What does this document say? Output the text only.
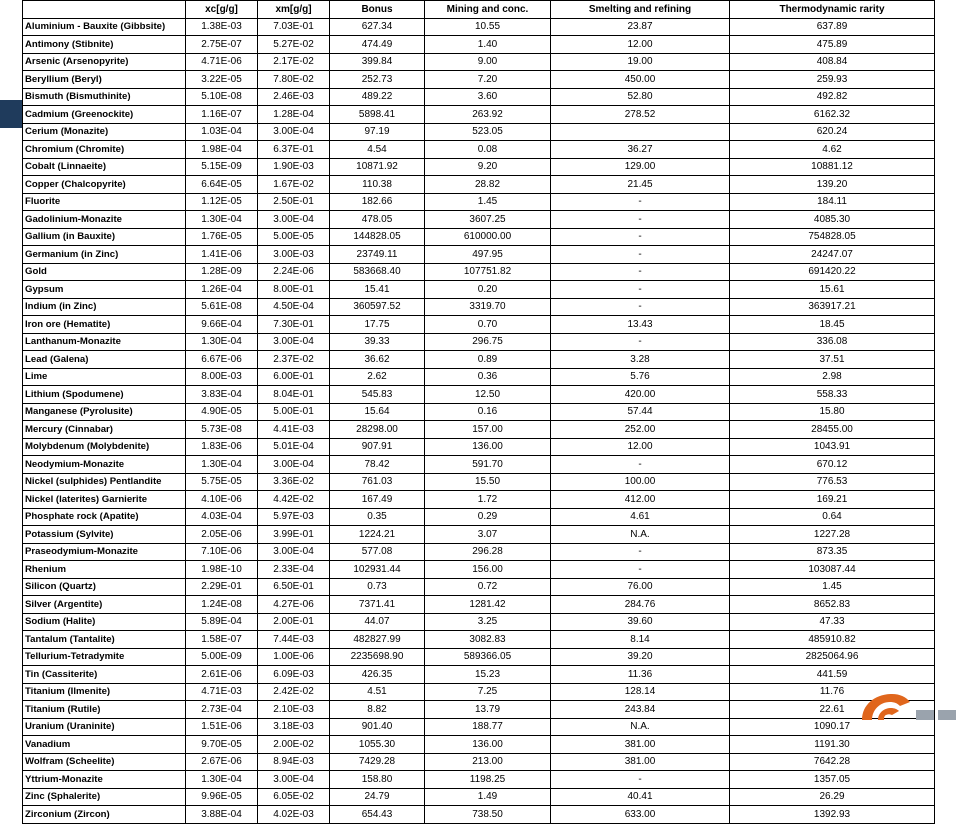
	xc[g/g]	xm[g/g]	Bonus	Mining and conc.	Smelting and refining	Thermodynamic rarity
Aluminium - Bauxite (Gibbsite)	1.38E-03	7.03E-01	627.34	10.55	23.87	637.89
Antimony (Stibnite)	2.75E-07	5.27E-02	474.49	1.40	12.00	475.89
Arsenic (Arsenopyrite)	4.71E-06	2.17E-02	399.84	9.00	19.00	408.84
Beryllium (Beryl)	3.22E-05	7.80E-02	252.73	7.20	450.00	259.93
Bismuth (Bismuthinite)	5.10E-08	2.46E-03	489.22	3.60	52.80	492.82
Cadmium (Greenockite)	1.16E-07	1.28E-04	5898.41	263.92	278.52	6162.32
Cerium (Monazite)	1.03E-04	3.00E-04	97.19	523.05		620.24
Chromium (Chromite)	1.98E-04	6.37E-01	4.54	0.08	36.27	4.62
Cobalt (Linnaeite)	5.15E-09	1.90E-03	10871.92	9.20	129.00	10881.12
Copper (Chalcopyrite)	6.64E-05	1.67E-02	110.38	28.82	21.45	139.20
Fluorite	1.12E-05	2.50E-01	182.66	1.45	-	184.11
Gadolinium-Monazite	1.30E-04	3.00E-04	478.05	3607.25	-	4085.30
Gallium (in Bauxite)	1.76E-05	5.00E-05	144828.05	610000.00	-	754828.05
Germanium (in Zinc)	1.41E-06	3.00E-03	23749.11	497.95	-	24247.07
Gold	1.28E-09	2.24E-06	583668.40	107751.82	-	691420.22
Gypsum	1.26E-04	8.00E-01	15.41	0.20	-	15.61
Indium (in Zinc)	5.61E-08	4.50E-04	360597.52	3319.70	-	363917.21
Iron ore (Hematite)	9.66E-04	7.30E-01	17.75	0.70	13.43	18.45
Lanthanum-Monazite	1.30E-04	3.00E-04	39.33	296.75	-	336.08
Lead (Galena)	6.67E-06	2.37E-02	36.62	0.89	3.28	37.51
Lime	8.00E-03	6.00E-01	2.62	0.36	5.76	2.98
Lithium (Spodumene)	3.83E-04	8.04E-01	545.83	12.50	420.00	558.33
Manganese (Pyrolusite)	4.90E-05	5.00E-01	15.64	0.16	57.44	15.80
Mercury (Cinnabar)	5.73E-08	4.41E-03	28298.00	157.00	252.00	28455.00
Molybdenum (Molybdenite)	1.83E-06	5.01E-04	907.91	136.00	12.00	1043.91
Neodymium-Monazite	1.30E-04	3.00E-04	78.42	591.70	-	670.12
Nickel (sulphides) Pentlandite	5.75E-05	3.36E-02	761.03	15.50	100.00	776.53
Nickel (laterites) Garnierite	4.10E-06	4.42E-02	167.49	1.72	412.00	169.21
Phosphate rock (Apatite)	4.03E-04	5.97E-03	0.35	0.29	4.61	0.64
Potassium (Sylvite)	2.05E-06	3.99E-01	1224.21	3.07	N.A.	1227.28
Praseodymium-Monazite	7.10E-06	3.00E-04	577.08	296.28	-	873.35
Rhenium	1.98E-10	2.33E-04	102931.44	156.00	-	103087.44
Silicon (Quartz)	2.29E-01	6.50E-01	0.73	0.72	76.00	1.45
Silver (Argentite)	1.24E-08	4.27E-06	7371.41	1281.42	284.76	8652.83
Sodium (Halite)	5.89E-04	2.00E-01	44.07	3.25	39.60	47.33
Tantalum (Tantalite)	1.58E-07	7.44E-03	482827.99	3082.83	8.14	485910.82
Tellurium-Tetradymite	5.00E-09	1.00E-06	2235698.90	589366.05	39.20	2825064.96
Tin (Cassiterite)	2.61E-06	6.09E-03	426.35	15.23	11.36	441.59
Titanium (Ilmenite)	4.71E-03	2.42E-02	4.51	7.25	128.14	11.76
Titanium (Rutile)	2.73E-04	2.10E-03	8.82	13.79	243.84	22.61
Uranium (Uraninite)	1.51E-06	3.18E-03	901.40	188.77	N.A.	1090.17
Vanadium	9.70E-05	2.00E-02	1055.30	136.00	381.00	1191.30
Wolfram (Scheelite)	2.67E-06	8.94E-03	7429.28	213.00	381.00	7642.28
Yttrium-Monazite	1.30E-04	3.00E-04	158.80	1198.25	-	1357.05
Zinc (Sphalerite)	9.96E-05	6.05E-02	24.79	1.49	40.41	26.29
Zirconium (Zircon)	3.88E-04	4.02E-03	654.43	738.50	633.00	1392.93
